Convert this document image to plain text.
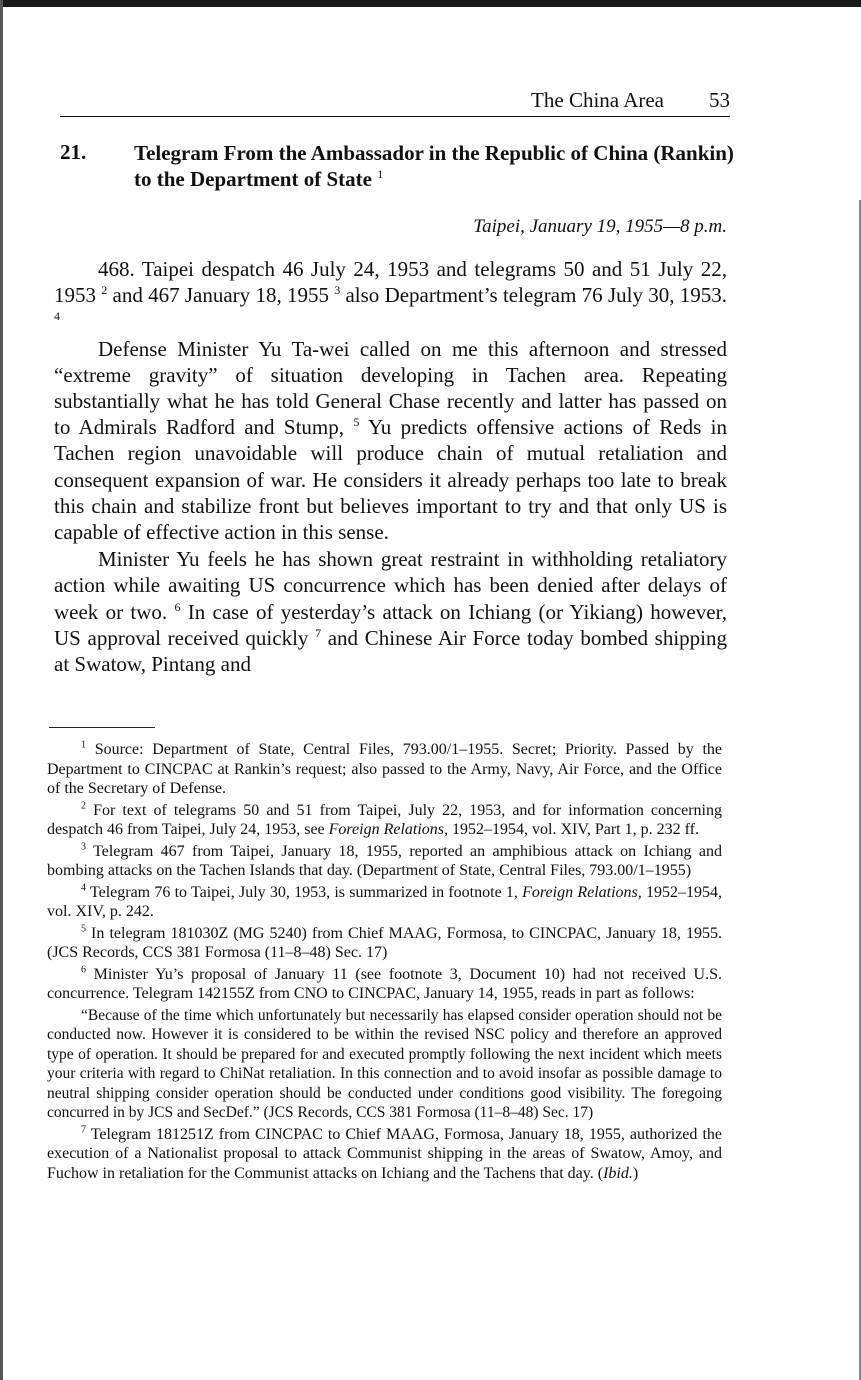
The China Area 53
21. Telegram From the Ambassador in the Republic of China (Rankin) to the Department of State $^1$
Taipei, January 19, 1955—8 p.m.

468. Taipei despatch 46 July 24, 1953 and telegrams 50 and 51 July 22, 1953 $^2$ and 467 January 18, 1955 $^3$ also Department’s telegram 76 July 30, 1953. $^4$

Defense Minister Yu Ta-wei called on me this afternoon and stressed “extreme gravity” of situation developing in Tachen area. Repeating substantially what he has told General Chase recently and latter has passed on to Admirals Radford and Stump, $^5$ Yu predicts offensive actions of Reds in Tachen region unavoidable will produce chain of mutual retaliation and consequent expansion of war. He considers it already perhaps too late to break this chain and stabilize front but believes important to try and that only US is capable of effective action in this sense.

Minister Yu feels he has shown great restraint in withholding retaliatory action while awaiting US concurrence which has been denied after delays of week or two. $^6$ In case of yesterday’s attack on Ichiang (or Yikiang) however, US approval received quickly $^7$ and Chinese Air Force today bombed shipping at Swatow, Pintang and

$^1$ Source: Department of State, Central Files, 793.00/1–1955. Secret; Priority. Passed by the Department to CINCPAC at Rankin’s request; also passed to the Army, Navy, Air Force, and the Office of the Secretary of Defense.

$^2$ For text of telegrams 50 and 51 from Taipei, July 22, 1953, and for information concerning despatch 46 from Taipei, July 24, 1953, see Foreign Relations, 1952–1954, vol. XIV, Part 1, p. 232 ff.

$^3$ Telegram 467 from Taipei, January 18, 1955, reported an amphibious attack on Ichiang and bombing attacks on the Tachen Islands that day. (Department of State, Central Files, 793.00/1–1955)

$^4$ Telegram 76 to Taipei, July 30, 1953, is summarized in footnote 1, Foreign Relations, 1952–1954, vol. XIV, p. 242.

$^5$ In telegram 181030Z (MG 5240) from Chief MAAG, Formosa, to CINCPAC, January 18, 1955. (JCS Records, CCS 381 Formosa (11–8–48) Sec. 17)

$^6$ Minister Yu’s proposal of January 11 (see footnote 3, Document 10) had not received U.S. concurrence. Telegram 142155Z from CNO to CINCPAC, January 14, 1955, reads in part as follows:

“Because of the time which unfortunately but necessarily has elapsed consider operation should not be conducted now. However it is considered to be within the revised NSC policy and therefore an approved type of operation. It should be prepared for and executed promptly following the next incident which meets your criteria with regard to ChiNat retaliation. In this connection and to avoid insofar as possible damage to neutral shipping consider operation should be conducted under conditions good visibility. The foregoing concurred in by JCS and SecDef.” (JCS Records, CCS 381 Formosa (11–8–48) Sec. 17)

$^7$ Telegram 181251Z from CINCPAC to Chief MAAG, Formosa, January 18, 1955, authorized the execution of a Nationalist proposal to attack Communist shipping in the areas of Swatow, Amoy, and Fuchow in retaliation for the Communist attacks on Ichiang and the Tachens that day. (Ibid.)
